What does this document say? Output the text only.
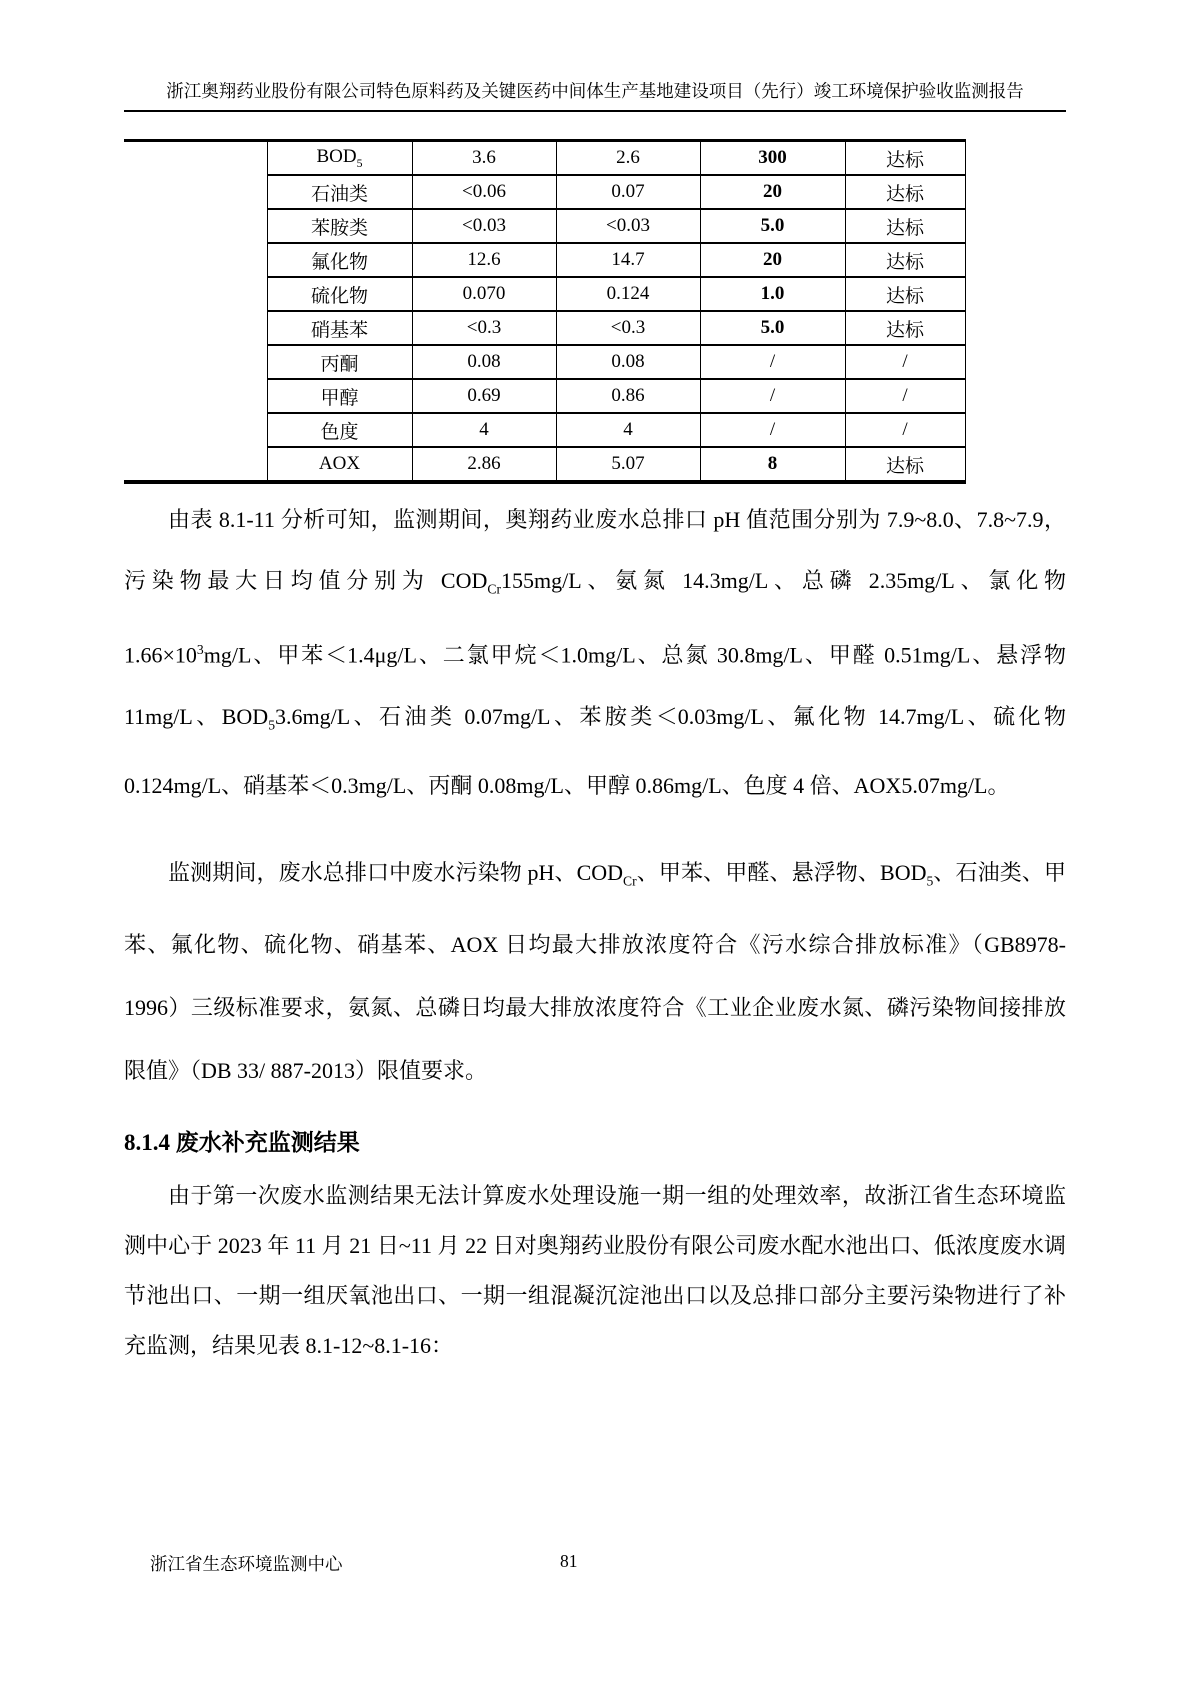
浙江奥翔药业股份有限公司特色原料药及关键医药中间体生产基地建设项目（先行）竣工环境保护验收监测报告
	$BOD_5$	3.6	2.6	300	达标
	石油类	<0.06	0.07	20	达标
	苯胺类	<0.03	<0.03	5.0	达标
	氟化物	12.6	14.7	20	达标
	硫化物	0.070	0.124	1.0	达标
	硝基苯	<0.3	<0.3	5.0	达标
	丙酮	0.08	0.08	/	/
	甲醇	0.69	0.86	/	/
	色度	4	4	/	/
	AOX	2.86	5.07	8	达标

由表 8.1-11 分析可知，监测期间，奥翔药业废水总排口 pH 值范围分别为 7.9~8.0、7.8~7.9，污染物最大日均值分别为 $COD_{Cr}155mg/L$、氨氮 14.3mg/L、总磷 2.35mg/L、氯化物 $1.66\times 10^3mg/L$、甲苯＜1.4μg/L、二氯甲烷＜1.0mg/L、总氮 30.8mg/L、甲醛 0.51mg/L、悬浮物 11mg/L、$BOD_53.6mg/L$、石油类 0.07mg/L、苯胺类＜0.03mg/L、氟化物 14.7mg/L、硫化物 0.124mg/L、硝基苯＜0.3mg/L、丙酮 0.08mg/L、甲醇 0.86mg/L、色度 4 倍、AOX5.07mg/L。

监测期间，废水总排口中废水污染物 pH、$COD_{Cr}$、甲苯、甲醛、悬浮物、$BOD_5$、石油类、甲苯、氟化物、硫化物、硝基苯、AOX 日均最大排放浓度符合《污水综合排放标准》（GB8978-1996）三级标准要求，氨氮、总磷日均最大排放浓度符合《工业企业废水氮、磷污染物间接排放限值》（DB 33/ 887-2013）限值要求。

8.1.4 废水补充监测结果

由于第一次废水监测结果无法计算废水处理设施一期一组的处理效率，故浙江省生态环境监测中心于 2023 年 11 月 21 日~11 月 22 日对奥翔药业股份有限公司废水配水池出口、低浓度废水调节池出口、一期一组厌氧池出口、一期一组混凝沉淀池出口以及总排口部分主要污染物进行了补充监测，结果见表 8.1-12~8.1-16：

浙江省生态环境监测中心	81
